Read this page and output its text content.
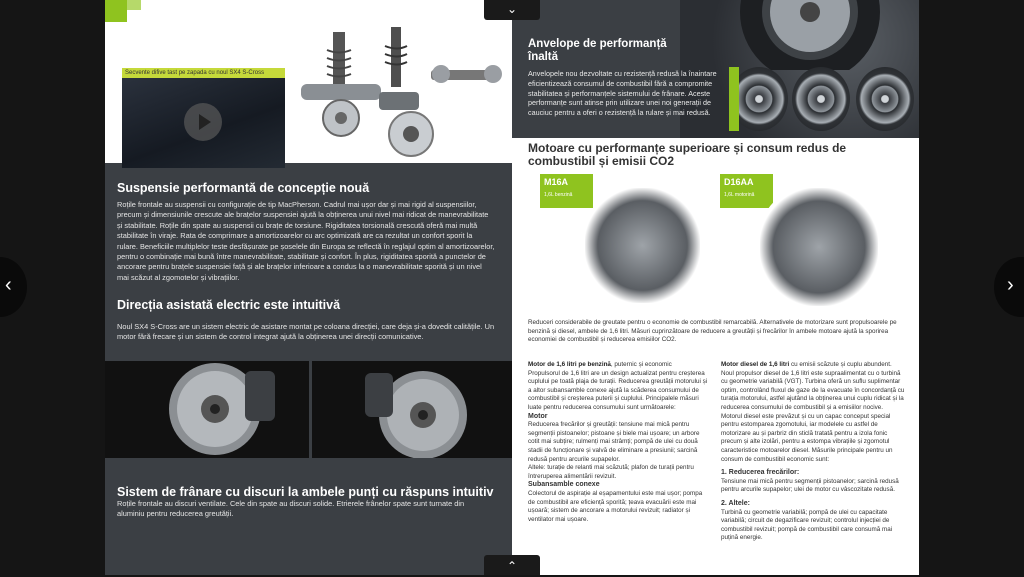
Secvente difive tast pe zapada cu noul SX4 S-Cross
Suspensie performantă de concepție nouă
Roțile frontale au suspensii cu configurație de tip MacPherson. Cadrul mai ușor dar și mai rigid al suspensiilor, precum și dimensiunile crescute ale brațelor suspensiei ajută la obținerea unui nivel mai ridicat de manevrabilitate și stabilitate. Roțile din spate au suspensii cu brațe de torsiune. Rigiditatea torsională crescută oferă mai multă stabilitate în viraje. Rata de comprimare a amortizoarelor cu arc optimizată are ca rezultat un confort sporit la rulare. Beneficiile multiplelor teste desfășurate pe șoselele din Europa se reflectă în reglajul optim al amortizoarelor, pentru o combinație mai bună între manevrabilitate, stabilitate și confort. În plus, rigiditatea sporită a punctelor de ancorare pentru brațele suspensiei față și ale brațelor inferioare a condus la o manevrabilitate sporită și un nivel mai scăzut al zgomotelor și vibrațiilor.
Direcția asistată electric este intuitivă
Noul SX4 S-Cross are un sistem electric de asistare montat pe coloana direcției, care deja și-a dovedit calitățile. Un motor fără frecare și un sistem de control integrat ajută la obținerea unei direcții comunicative.
Sistem de frânare cu discuri la ambele punți cu răspuns intuitiv
Roțile frontale au discuri ventilate. Cele din spate au discuri solide. Etrierele frânelor spate sunt turnate din aluminiu pentru reducerea greutății.
Anvelope de performanță
înaltă
Anvelopele nou dezvoltate cu rezistență redusă la înaintare eficientizează consumul de combustibil fără a compromite stabilitatea și performanțele sistemului de frânare. Aceste performanțe sunt atinse prin utilizare unei noi generații de cauciuc pentru a oferi o rezistență la rulare și mai redusă.
Motoare cu performanțe superioare și consum redus de combustibil și emisii CO2
M16A
1,6L benzină
D16AA
1,6L motorină
Reduceri considerabile de greutate pentru o economie de combustibil remarcabilă. Alternativele de motorizare sunt propulsoarele pe benzină și diesel, ambele de 1,6 litri. Măsuri cuprinzătoare de reducere a greutății și frecărilor în ambele motoare ajută la sporirea economiei de combustibil și reducerea emisiilor CO2.
Motor de 1,6 litri pe benzină, puternic și economic
Propulsorul de 1,6 litri are un design actualizat pentru creșterea cuplului pe toată plaja de turații. Reducerea greutății motorului și a altor subansamble conexe ajută la scăderea consumului de combustibil și creșterea puterii și cuplului. Principalele măsuri luate pentru reducerea consumului sunt următoarele:
Motor
Reducerea frecărilor și greutății: tensiune mai mică pentru segmenții pistoanelor; pistoane și biele mai ușoare; un arbore cotit mai subțire; rulmenți mai strâmți; pompă de ulei cu două stadii de funcționare și valvă de eliminare a presiunii; sarcină redusă pentru arcurile supapelor.
Altele: turație de relanti mai scăzută; plafon de turații pentru întreruperea alimentării revizuit.
Subansamble conexe
Colectorul de aspirație al eșapamentului este mai ușor; pompa de combustibil are eficiență sporită; țeava evacuării este mai ușoară; sistem de ancorare a motorului revizuit; radiator și ventilator mai ușoare.
Motor diesel de 1,6 litri cu emisii scăzute și cuplu abundent.
Noul propulsor diesel de 1,6 litri este supraalimentat cu o turbină cu geometrie variabilă (VGT). Turbina oferă un suflu suplimentar optim, controlând fluxul de gaze de la evacuate în concordanță cu turația motorului, astfel ajutând la obținerea unui cuplu ridicat și la reducerea consumului de combustibil și a emisiilor nocive. Motorul diesel este prevăzut și cu un capac conceput special pentru estomparea zgomotului, iar modelele cu astfel de motorizare au și parbriz din sticlă tratată pentru a izola fonic precum și alte izolări, pentru a estompa vibrațiile și zgomotul caracteristice motoarelor diesel. Măsurile principale pentru un consum de combustibil economic sunt:
1. Reducerea frecărilor:
Tensiune mai mică pentru segmenții pistoanelor; sarcină redusă pentru arcurile supapelor; ulei de motor cu vâscozitate redusă.
2. Altele:
Turbină cu geometrie variabilă; pompă de ulei cu capacitate variabilă; circuit de degazificare revizuit; controlul injecției de combustibil revizuit; pompă de combustibil care consumă mai puțină energie.
‹	›
⌄
⌃
